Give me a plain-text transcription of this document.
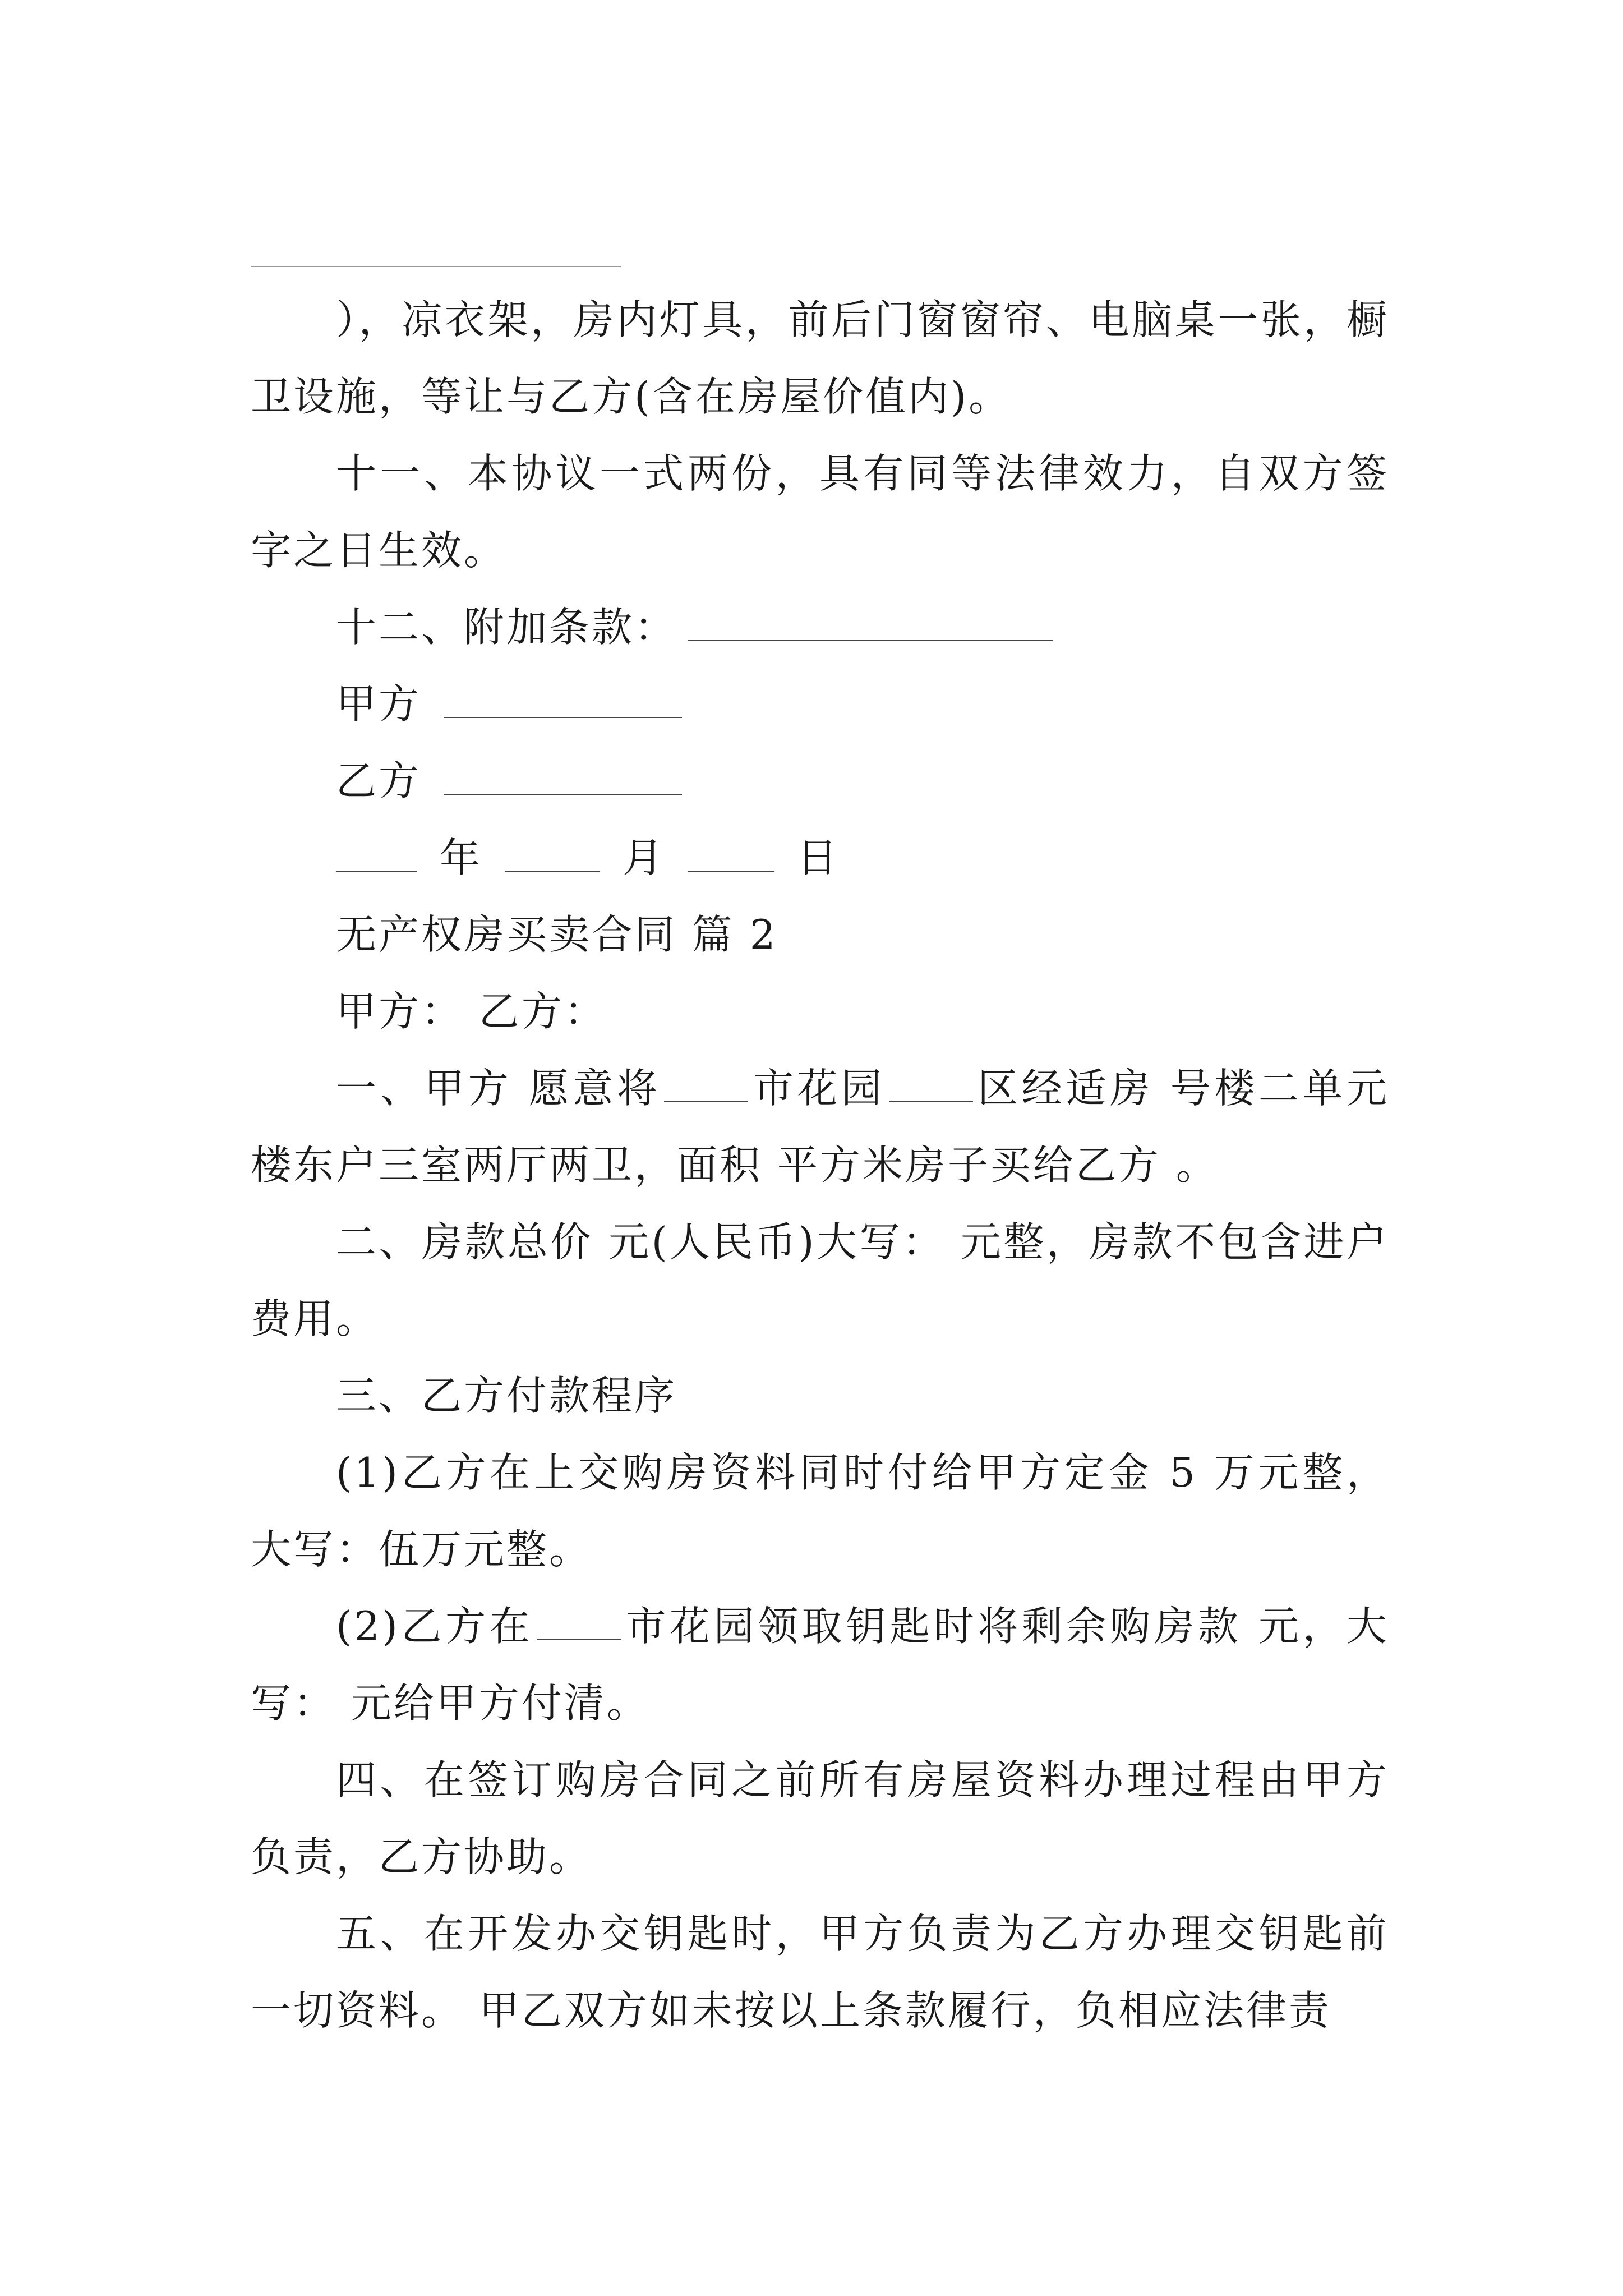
），凉衣架，房内灯具，前后门窗窗帘、电脑桌一张，橱卫设施，等让与乙方(含在房屋价值内)。

十一、本协议一式两份，具有同等法律效力，自双方签字之日生效。

十二、附加条款：

甲方

乙方

年	月	日

无产权房买卖合同 篇 2

甲方： 乙方：

一、甲方 愿意将 市花园 区经适房 号楼二单元楼东户三室两厅两卫，面积 平方米房子买给乙方 。

二、房款总价 元(人民币)大写： 元整，房款不包含进户费用。

三、乙方付款程序

(1)乙方在上交购房资料同时付给甲方定金 5 万元整，大写：伍万元整。

(2)乙方在 市花园领取钥匙时将剩余购房款 元，大写： 元给甲方付清。

四、在签订购房合同之前所有房屋资料办理过程由甲方负责，乙方协助。

五、在开发办交钥匙时，甲方负责为乙方办理交钥匙前一切资料。 甲乙双方如未按以上条款履行，负相应法律责
